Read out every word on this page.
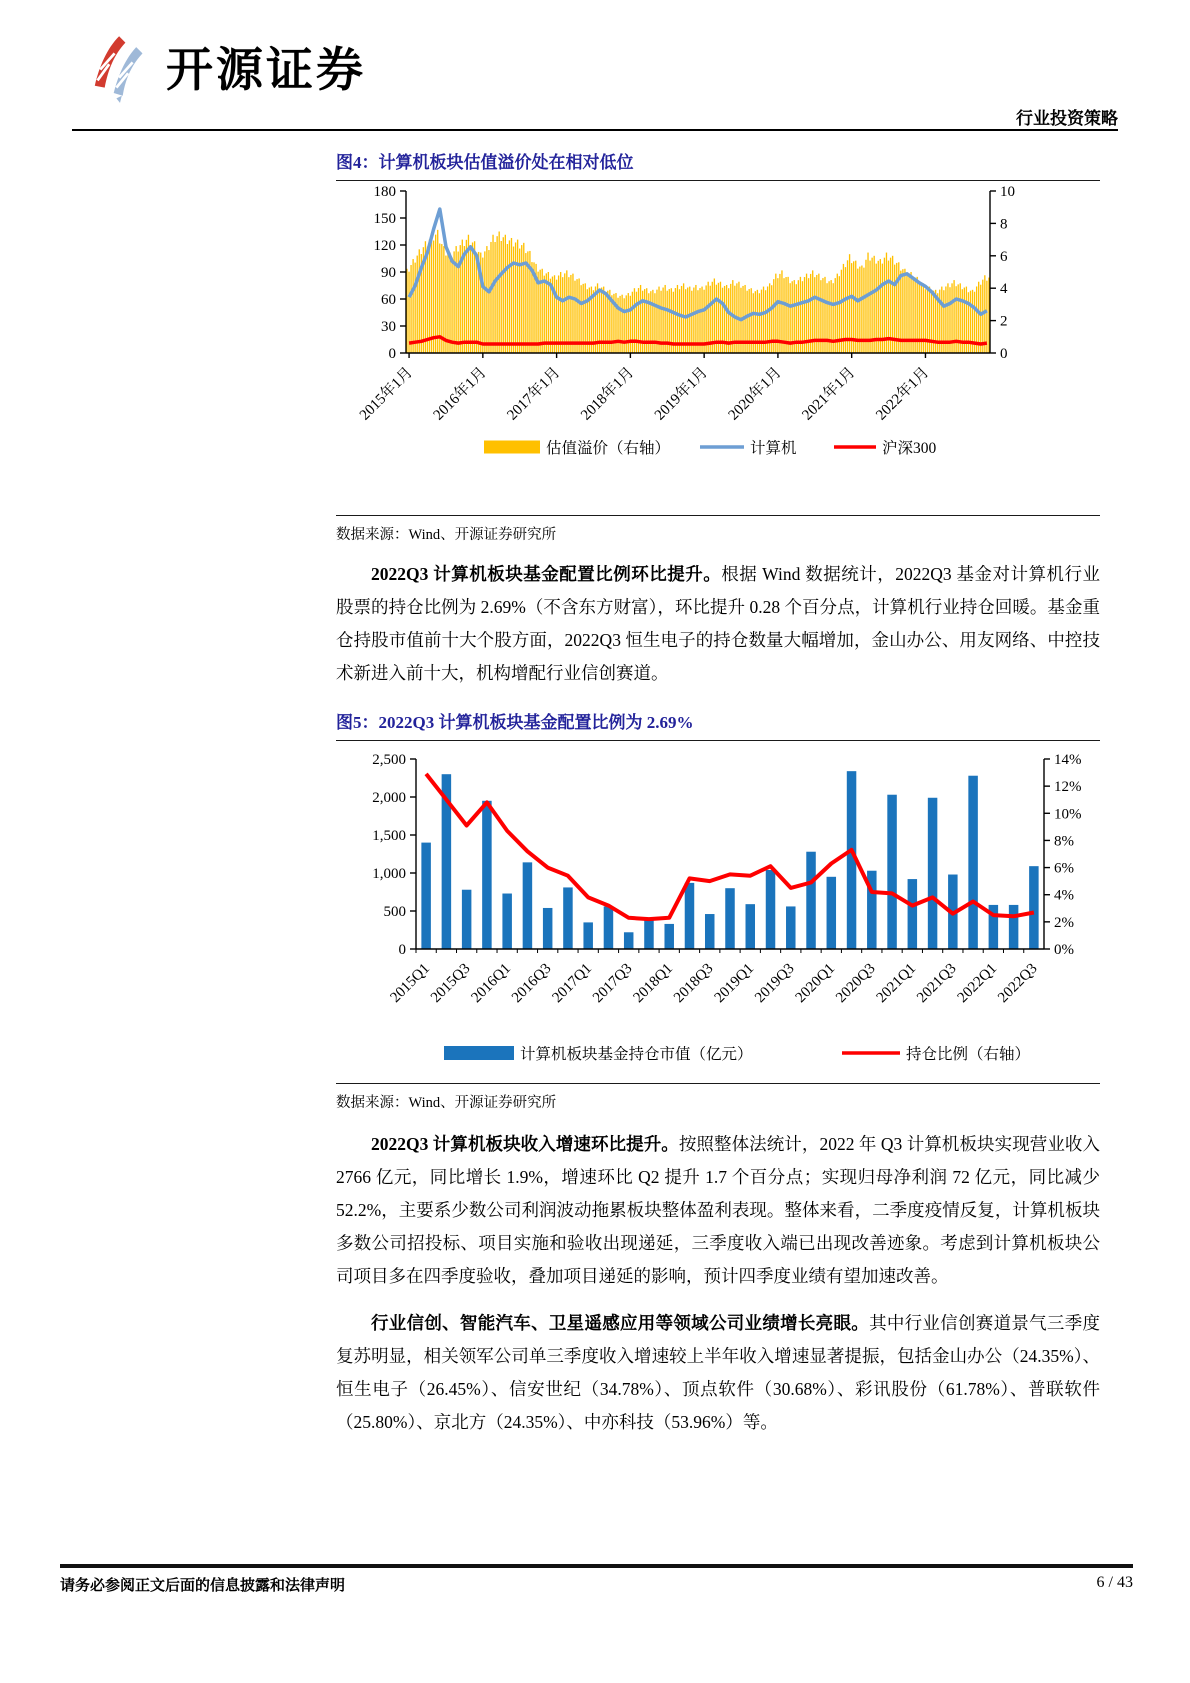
开源证券
行业投资策略
图4：计算机板块估值溢价处在相对低位
0
30
60
90
120
150
180
0
2
4
6
8
10
2015年1月 2016年1月 2017年1月 2018年1月 2019年1月 2020年1月 2021年1月 2022年1月
估值溢价（右轴）	计算机	沪深300
数据来源：Wind、开源证券研究所

2022Q3 计算机板块基金配置比例环比提升。根据 Wind 数据统计，2022Q3 基金对计算机行业股票的持仓比例为 2.69%（不含东方财富），环比提升 0.28 个百分点，计算机行业持仓回暖。基金重仓持股市值前十大个股方面，2022Q3 恒生电子的持仓数量大幅增加，金山办公、用友网络、中控技术新进入前十大，机构增配行业信创赛道。

图5：2022Q3 计算机板块基金配置比例为 2.69%
0
500
1,000
1,500
2,000
2,500
0%
2%
4%
6%
8%
10%
12%
14%
2015Q1
2015Q3
2016Q1
2016Q3
2017Q1
2017Q3
2018Q1
2018Q3
2019Q1
2019Q3
2020Q1
2020Q3
2021Q1
2021Q3
2022Q1
2022Q3
计算机板块基金持仓市值（亿元）	持仓比例（右轴）
数据来源：Wind、开源证券研究所

2022Q3 计算机板块收入增速环比提升。按照整体法统计，2022 年 Q3 计算机板块实现营业收入 2766 亿元，同比增长 1.9%，增速环比 Q2 提升 1.7 个百分点；实现归母净利润 72 亿元，同比减少 52.2%，主要系少数公司利润波动拖累板块整体盈利表现。整体来看，二季度疫情反复，计算机板块多数公司招投标、项目实施和验收出现递延，三季度收入端已出现改善迹象。考虑到计算机板块公司项目多在四季度验收，叠加项目递延的影响，预计四季度业绩有望加速改善。

行业信创、智能汽车、卫星遥感应用等领域公司业绩增长亮眼。其中行业信创赛道景气三季度复苏明显，相关领军公司单三季度收入增速较上半年收入增速显著提振，包括金山办公（24.35%）、恒生电子（26.45%）、信安世纪（34.78%）、顶点软件（30.68%）、彩讯股份（61.78%）、普联软件（25.80%）、京北方（24.35%）、中亦科技（53.96%）等。

请务必参阅正文后面的信息披露和法律声明	6 / 43
